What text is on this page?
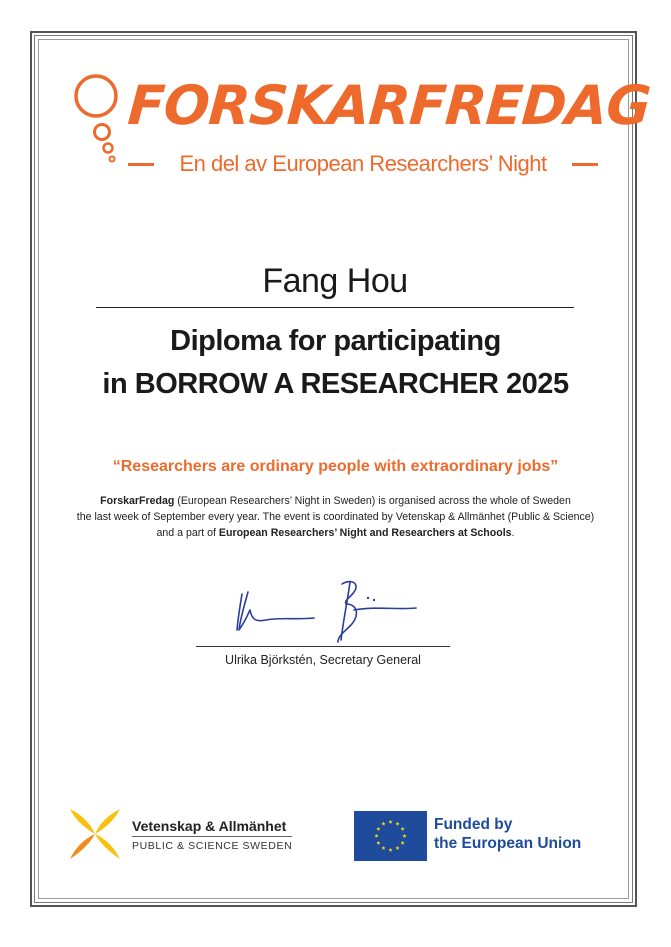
FORSKARFREDAG
En del av European Researchers’ Night
Fang Hou
Diploma for participating
in BORROW A RESEARCHER 2025
“Researchers are ordinary people with extraordinary jobs”
ForskarFredag (European Researchers’ Night in Sweden) is organised across the whole of Sweden
the last week of September every year. The event is coordinated by Vetenskap & Allmänhet (Public & Science)
and a part of European Researchers’ Night and Researchers at Schools.
Ulrika Björkstén, Secretary General
Vetenskap & Allmänhet
PUBLIC & SCIENCE SWEDEN
Funded by
the European Union
